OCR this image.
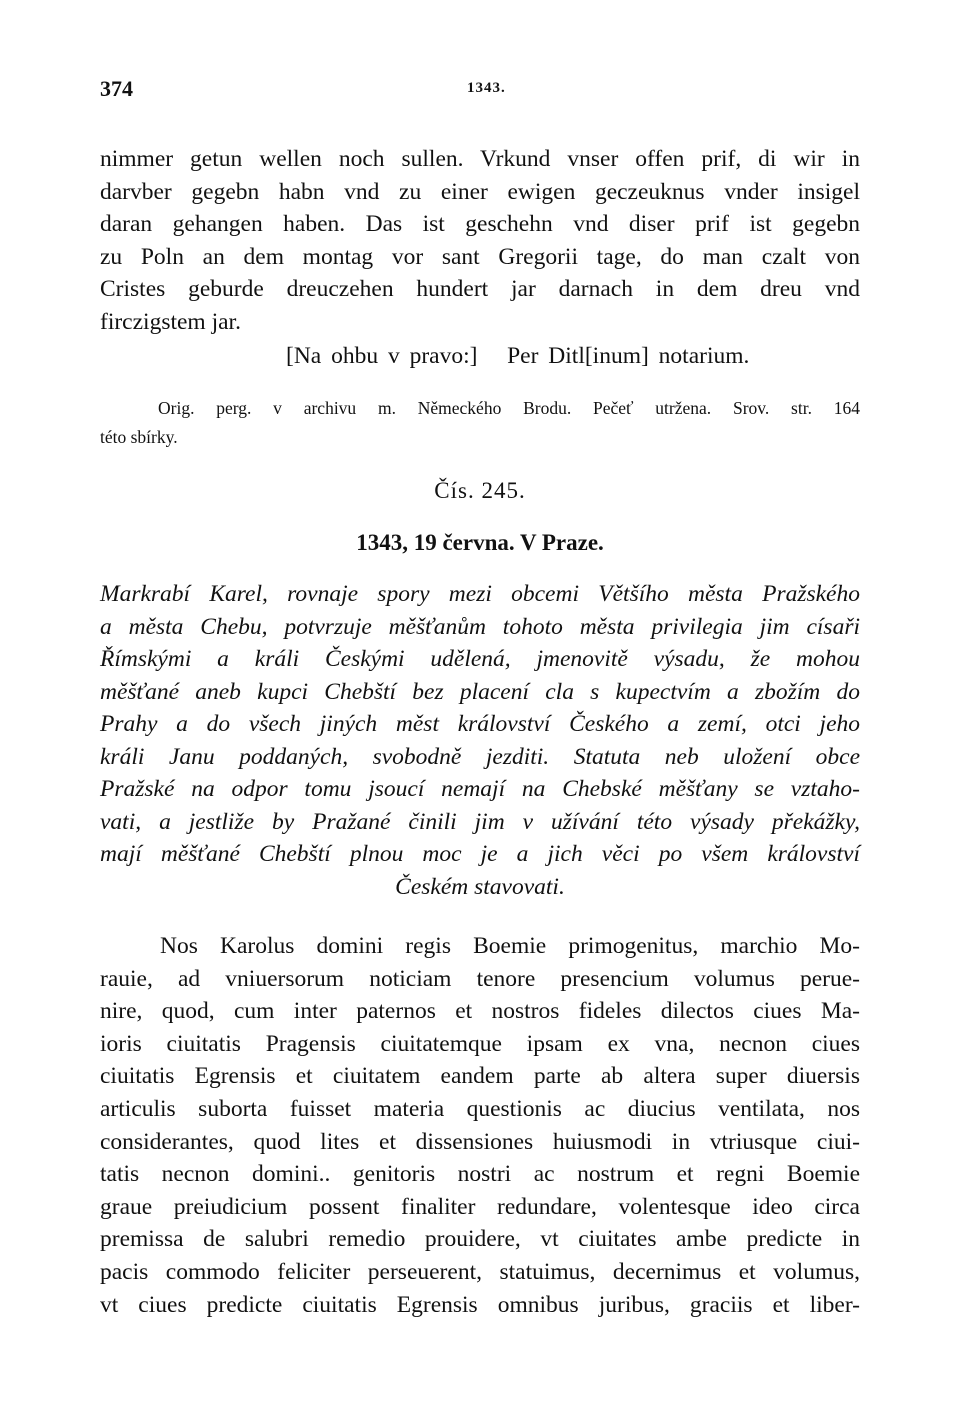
374	1343.
nimmer getun wellen noch sullen. Vrkund vnser offen prif, di wir in
darvber gegebn habn vnd zu einer ewigen geczeuknus vnder insigel
daran gehangen haben. Das ist geschehn vnd diser prif ist gegebn
zu Poln an dem montag vor sant Gregorii tage, do man czalt von
Cristes geburde dreuczehen hundert jar darnach in dem dreu vnd
firczigstem jar.
[Na ohbu v pravo:]   Per Ditl[inum] notarium.
Orig. perg. v archivu m. Německého Brodu. Pečeť utržena. Srov. str. 164
této sbírky.
Čís. 245.
1343, 19 června. V Praze.
Markrabí Karel, rovnaje spory mezi obcemi Většího města Pražského
a města Chebu, potvrzuje měšťanům tohoto města privilegia jim císaři
Římskými a králi Českými udělená, jmenovitě výsadu, že mohou
měšťané aneb kupci Chebští bez placení cla s kupectvím a zbožím do
Prahy a do všech jiných měst království Českého a zemí, otci jeho
králi Janu poddaných, svobodně jezditi. Statuta neb uložení obce
Pražské na odpor tomu jsoucí nemají na Chebské měšťany se vztaho-
vati, a jestliže by Pražané činili jim v užívání této výsady překážky,
mají měšťané Chebští plnou moc je a jich věci po všem království
Českém stavovati.
Nos Karolus domini regis Boemie primogenitus, marchio Mo-
rauie, ad vniuersorum noticiam tenore presencium volumus perue-
nire, quod, cum inter paternos et nostros fideles dilectos ciues Ma-
ioris ciuitatis Pragensis ciuitatemque ipsam ex vna, necnon ciues
ciuitatis Egrensis et ciuitatem eandem parte ab altera super diuersis
articulis suborta fuisset materia questionis ac diucius ventilata, nos
considerantes, quod lites et dissensiones huiusmodi in vtriusque ciui-
tatis necnon domini.. genitoris nostri ac nostrum et regni Boemie
graue preiudicium possent finaliter redundare, volentesque ideo circa
premissa de salubri remedio prouidere, vt ciuitates ambe predicte in
pacis commodo feliciter perseuerent, statuimus, decernimus et volumus,
vt ciues predicte ciuitatis Egrensis omnibus juribus, graciis et liber-
